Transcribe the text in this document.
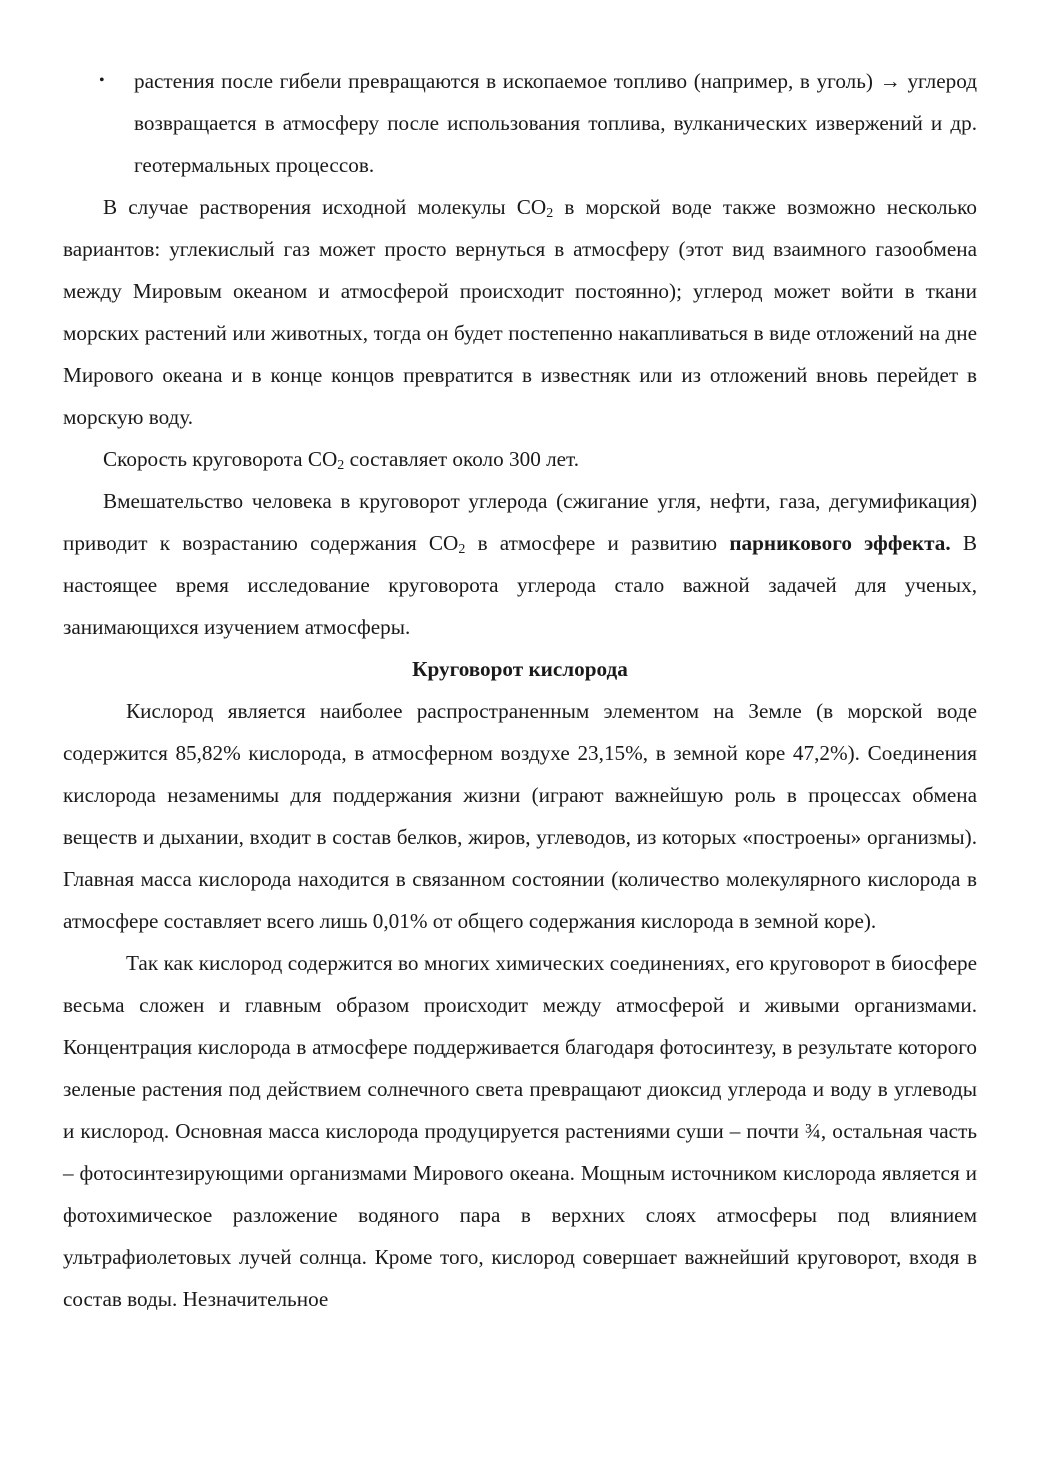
• растения после гибели превращаются в ископаемое топливо (например, в уголь) → углерод возвращается в атмосферу после использования топлива, вулканических извержений и др. геотермальных процессов.

В случае растворения исходной молекулы $CO_2$ в морской воде также возможно несколько вариантов: углекислый газ может просто вернуться в атмосферу (этот вид взаимного газообмена между Мировым океаном и атмосферой происходит постоянно); углерод может войти в ткани морских растений или животных, тогда он будет постепенно накапливаться в виде отложений на дне Мирового океана и в конце концов превратится в известняк или из отложений вновь перейдет в морскую воду.

Скорость круговорота $CO_2$ составляет около 300 лет.

Вмешательство человека в круговорот углерода (сжигание угля, нефти, газа, дегумификация) приводит к возрастанию содержания $CO_2$ в атмосфере и развитию парникового эффекта. В настоящее время исследование круговорота углерода стало важной задачей для ученых, занимающихся изучением атмосферы.

Круговорот кислорода

Кислород является наиболее распространенным элементом на Земле (в морской воде содержится 85,82% кислорода, в атмосферном воздухе 23,15%, в земной коре 47,2%). Соединения кислорода незаменимы для поддержания жизни (играют важнейшую роль в процессах обмена веществ и дыхании, входит в состав белков, жиров, углеводов, из которых «построены» организмы). Главная масса кислорода находится в связанном состоянии (количество молекулярного кислорода в атмосфере составляет всего лишь 0,01% от общего содержания кислорода в земной коре).

Так как кислород содержится во многих химических соединениях, его круговорот в биосфере весьма сложен и главным образом происходит между атмосферой и живыми организмами. Концентрация кислорода в атмосфере поддерживается благодаря фотосинтезу, в результате которого зеленые растения под действием солнечного света превращают диоксид углерода и воду в углеводы и кислород. Основная масса кислорода продуцируется растениями суши – почти ¾, остальная часть – фотосинтезирующими организмами Мирового океана. Мощным источником кислорода является и фотохимическое разложение водяного пара в верхних слоях атмосферы под влиянием ультрафиолетовых лучей солнца. Кроме того, кислород совершает важнейший круговорот, входя в состав воды. Незначительное
